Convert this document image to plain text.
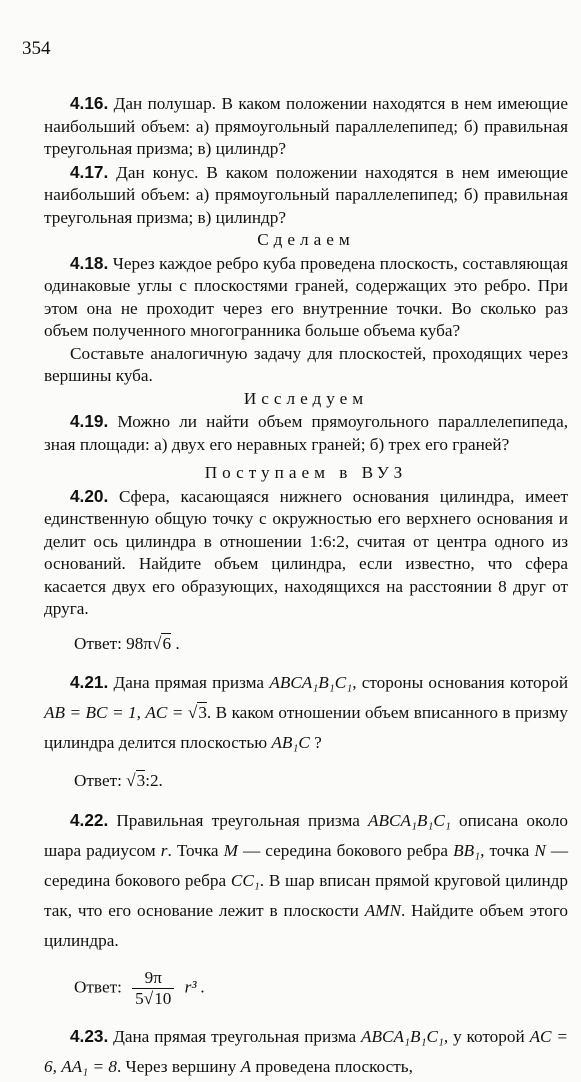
354

4.16. Дан полушар. В каком положении находятся в нем имеющие наибольший объем: а) прямоугольный параллелепипед; б) правильная треугольная призма; в) цилиндр?

4.17. Дан конус. В каком положении находятся в нем имеющие наибольший объем: а) прямоугольный параллелепипед; б) правильная треугольная призма; в) цилиндр?

Сделаем

4.18. Через каждое ребро куба проведена плоскость, составляющая одинаковые углы с плоскостями граней, содержащих это ребро. При этом она не проходит через его внутренние точки. Во сколько раз объем полученного многогранника больше объема куба?

Составьте аналогичную задачу для плоскостей, проходящих через вершины куба.

Исследуем

4.19. Можно ли найти объем прямоугольного параллелепипеда, зная площади: а) двух его неравных граней; б) трех его граней?

Поступаем в ВУЗ

4.20. Сфера, касающаяся нижнего основания цилиндра, имеет единственную общую точку с окружностью его верхнего основания и делит ось цилиндра в отношении 1:6:2, считая от центра одного из оснований. Найдите объем цилиндра, если известно, что сфера касается двух его образующих, находящихся на расстоянии 8 друг от друга.

Ответ: 98π√6 .

4.21. Дана прямая призма ABCA₁B₁C₁, стороны основания которой AB = BC = 1, AC = √3. В каком отношении объем вписанного в призму цилиндра делится плоскостью AB₁C ?

Ответ: √3:2.

4.22. Правильная треугольная призма ABCA₁B₁C₁ описана около шара радиусом r. Точка M — середина бокового ребра BB₁, точка N — середина бокового ребра CC₁. В шар вписан прямой круговой цилиндр так, что его основание лежит в плоскости AMN. Найдите объем этого цилиндра.

Ответ: $\frac{9\pi}{5√10} r^3$ .

4.23. Дана прямая треугольная призма ABCA₁B₁C₁, у которой AC = 6, AA₁ = 8. Через вершину A проведена плоскость,
